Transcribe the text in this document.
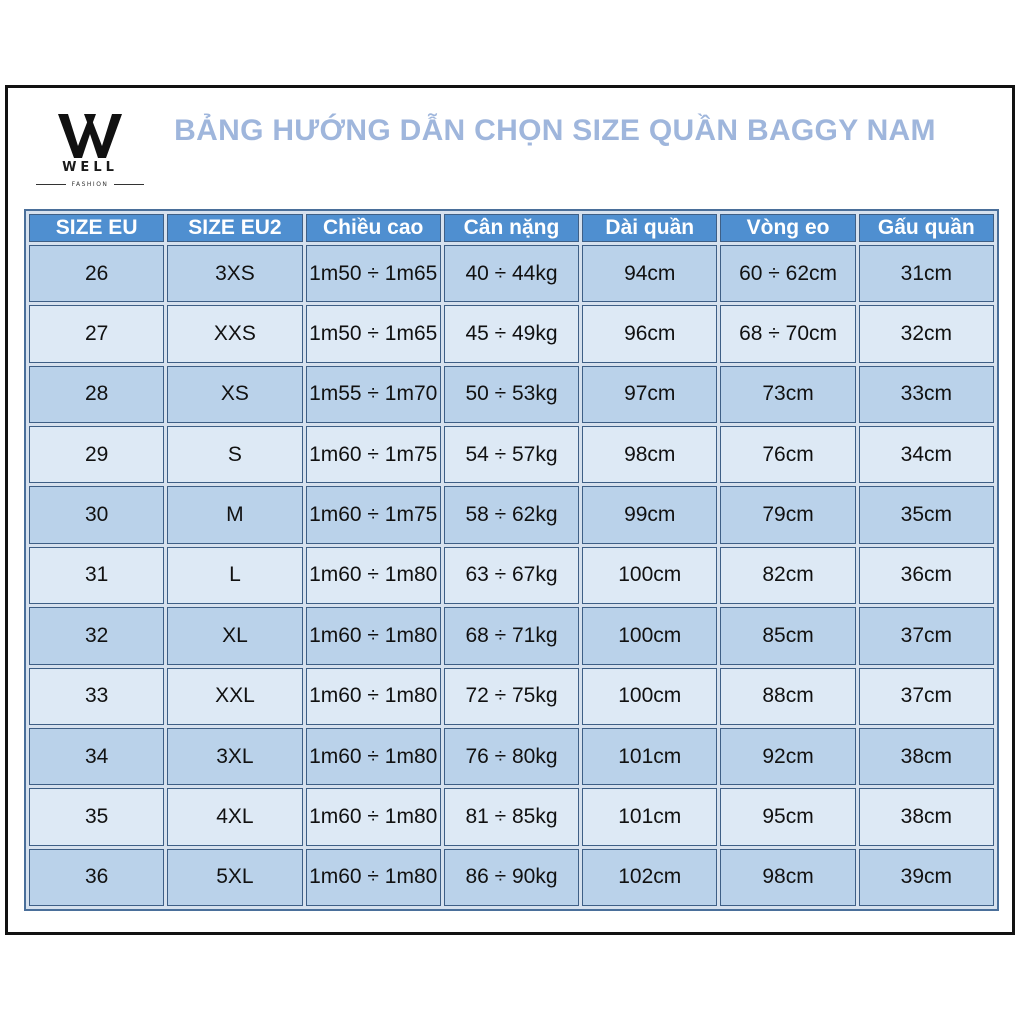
WELL
FASHION
BẢNG HƯỚNG DẪN CHỌN SIZE QUẦN BAGGY NAM
SIZE EU	SIZE EU2	Chiều cao	Cân nặng	Dài quần	Vòng eo	Gấu quần
26	3XS	1m50 ÷ 1m65	40 ÷ 44kg	94cm	60 ÷ 62cm	31cm
27	XXS	1m50 ÷ 1m65	45 ÷ 49kg	96cm	68 ÷ 70cm	32cm
28	XS	1m55 ÷ 1m70	50 ÷ 53kg	97cm	73cm	33cm
29	S	1m60 ÷ 1m75	54 ÷ 57kg	98cm	76cm	34cm
30	M	1m60 ÷ 1m75	58 ÷ 62kg	99cm	79cm	35cm
31	L	1m60 ÷ 1m80	63 ÷ 67kg	100cm	82cm	36cm
32	XL	1m60 ÷ 1m80	68 ÷ 71kg	100cm	85cm	37cm
33	XXL	1m60 ÷ 1m80	72 ÷ 75kg	100cm	88cm	37cm
34	3XL	1m60 ÷ 1m80	76 ÷ 80kg	101cm	92cm	38cm
35	4XL	1m60 ÷ 1m80	81 ÷ 85kg	101cm	95cm	38cm
36	5XL	1m60 ÷ 1m80	86 ÷ 90kg	102cm	98cm	39cm
